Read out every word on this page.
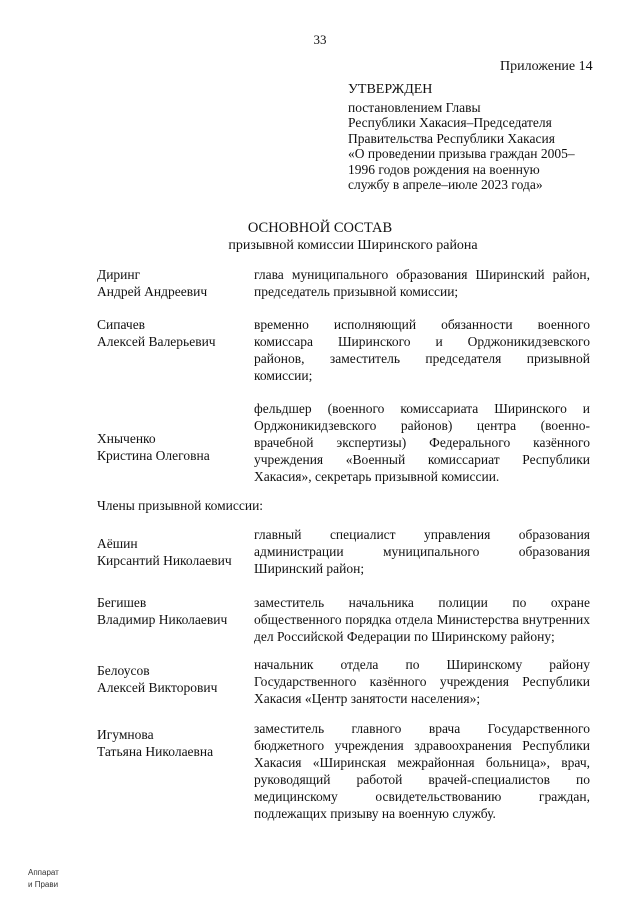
33
Приложение 14
УТВЕРЖДЕН
постановлением Главы
Республики Хакасия–Председателя
Правительства Республики Хакасия
«О проведении призыва граждан 2005–
1996 годов рождения на военную
службу в апреле–июле 2023 года»
ОСНОВНОЙ СОСТАВ
призывной комиссии Ширинского района
Диринг
Андрей Андреевич
глава муниципального образования Ширинский район,
председатель призывной комиссии;
Сипачев
Алексей Валерьевич
временно исполняющий обязанности военного
комиссара Ширинского и Орджоникидзевского
районов, заместитель председателя призывной
комиссии;
Хныченко
Кристина Олеговна
фельдшер (военного комиссариата Ширинского и
Орджоникидзевского районов) центра (военно-
врачебной экспертизы) Федерального казённого
учреждения «Военный комиссариат Республики
Хакасия», секретарь призывной комиссии.
Члены призывной комиссии:
Аёшин
Кирсантий Николаевич
главный специалист управления образования
администрации муниципального образования
Ширинский район;
Бегишев
Владимир Николаевич
заместитель начальника полиции по охране
общественного порядка отдела Министерства внутренних
дел Российской Федерации по Ширинскому району;
Белоусов
Алексей Викторович
начальник отдела по Ширинскому району
Государственного казённого учреждения Республики
Хакасия «Центр занятости населения»;
Игумнова
Татьяна Николаевна
заместитель главного врача Государственного
бюджетного учреждения здравоохранения Республики
Хакасия «Ширинская межрайонная больница», врач,
руководящий работой врачей-специалистов по
медицинскому освидетельствованию граждан,
подлежащих призыву на военную службу.
Аппарат
и Прави
